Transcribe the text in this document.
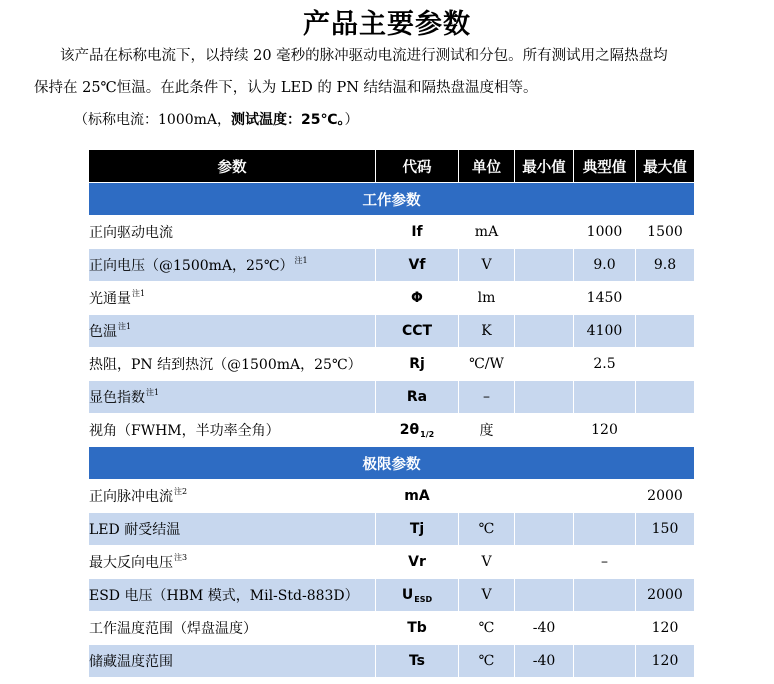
产品主要参数
该产品在标称电流下，以持续 20 毫秒的脉冲驱动电流进行测试和分包。所有测试用之隔热盘均
保持在 25℃恒温。在此条件下，认为 LED 的 PN 结结温和隔热盘温度相等。
（标称电流：1000mA，测试温度：25℃。）
参数	代码	单位	最小值	典型值	最大值
工作参数					
正向驱动电流	If	mA		1000	1500
正向电压（@1500mA，25℃）$^{注1}$	Vf	V		9.0	9.8
光通量$^{注1}$	Φ	lm		1450	
色温$^{注1}$	CCT	K		4100	
热阻，PN 结到热沉（@1500mA，25℃）	Rj	℃/W		2.5	
显色指数$^{注1}$	Ra	–			
视角（FWHM，半功率全角）	$2\theta_{1/2}$	度		120	
极限参数					
正向脉冲电流$^{注2}$	mA				2000
LED 耐受结温	Tj	℃			150
最大反向电压$^{注3}$	Vr	V		–	
ESD 电压（HBM 模式，Mil-Std-883D）	$U_{ESD}$	V			2000
工作温度范围（焊盘温度）	Tb	℃	-40		120
储藏温度范围	Ts	℃	-40		120
